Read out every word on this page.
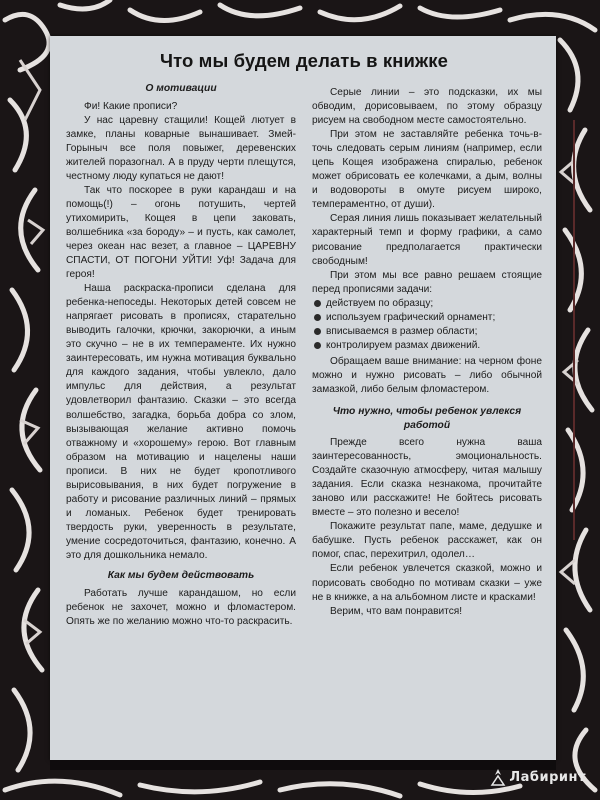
Что мы будем делать в книжке
О мотивации

Фи! Какие прописи?

У нас царевну стащили! Кощей лютует в замке, планы коварные вынашивает. Змей-Горыныч все поля повыжег, деревенских жителей поразогнал. А в пруду черти плещутся, честному люду купаться не дают!

Так что поскорее в руки карандаш и на помощь(!) – огонь потушить, чертей утихомирить, Кощея в цепи заковать, волшебника «за бороду» – и пусть, как самолет, через океан нас везет, а главное – ЦАРЕВНУ СПАСТИ, ОТ ПОГОНИ УЙТИ! Уф! Задача для героя!

Наша раскраска-прописи сделана для ребенка-непоседы. Некоторых детей совсем не напрягает рисовать в прописях, старательно выводить галочки, крючки, закорючки, а иным это скучно – не в их темпераменте. Их нужно заинтересовать, им нужна мотивация буквально для каждого задания, чтобы увлекло, дало импульс для действия, а результат удовлетворил фантазию. Сказки – это всегда волшебство, загадка, борьба добра со злом, вызывающая желание активно помочь отважному и «хорошему» герою. Вот главным образом на мотивацию и нацелены наши прописи. В них не будет кропотливого вырисовывания, в них будет погружение в работу и рисование различных линий – прямых и ломаных. Ребенок будет тренировать твердость руки, уверенность в результате, умение сосредоточиться, фантазию, конечно. А это для дошкольника немало.

Как мы будем действовать

Работать лучше карандашом, но если ребенок не захочет, можно и фломастером. Опять же по желанию можно что-то раскрасить.

Серые линии – это подсказки, их мы обводим, дорисовываем, по этому образцу рисуем на свободном месте самостоятельно.

При этом не заставляйте ребенка точь-в-точь следовать серым линиям (например, если цепь Кощея изображена спиралью, ребенок может обрисовать ее колечками, а дым, волны и водовороты в омуте рисуем широко, темпераментно, от души).

Серая линия лишь показывает желательный характерный темп и форму графики, а само рисование предполагается практически свободным!

При этом мы все равно решаем стоящие перед прописями задачи:

действуем по образцу;
используем графический орнамент;
вписываемся в размер области;
контролируем размах движений.

Обращаем ваше внимание: на черном фоне можно и нужно рисовать – либо обычной замазкой, либо белым фломастером.

Что нужно, чтобы ребенок увлекся работой

Прежде всего нужна ваша заинтересованность, эмоциональность. Создайте сказочную атмосферу, читая малышу задания. Если сказка незнакома, прочитайте заново или расскажите! Не бойтесь рисовать вместе – это полезно и весело!

Покажите результат папе, маме, дедушке и бабушке. Пусть ребенок расскажет, как он помог, спас, перехитрил, одолел…

Если ребенок увлечется сказкой, можно и порисовать свободно по мотивам сказки – уже не в книжке, а на альбомном листе и красками!

Верим, что вам понравится!

Лабиринт
